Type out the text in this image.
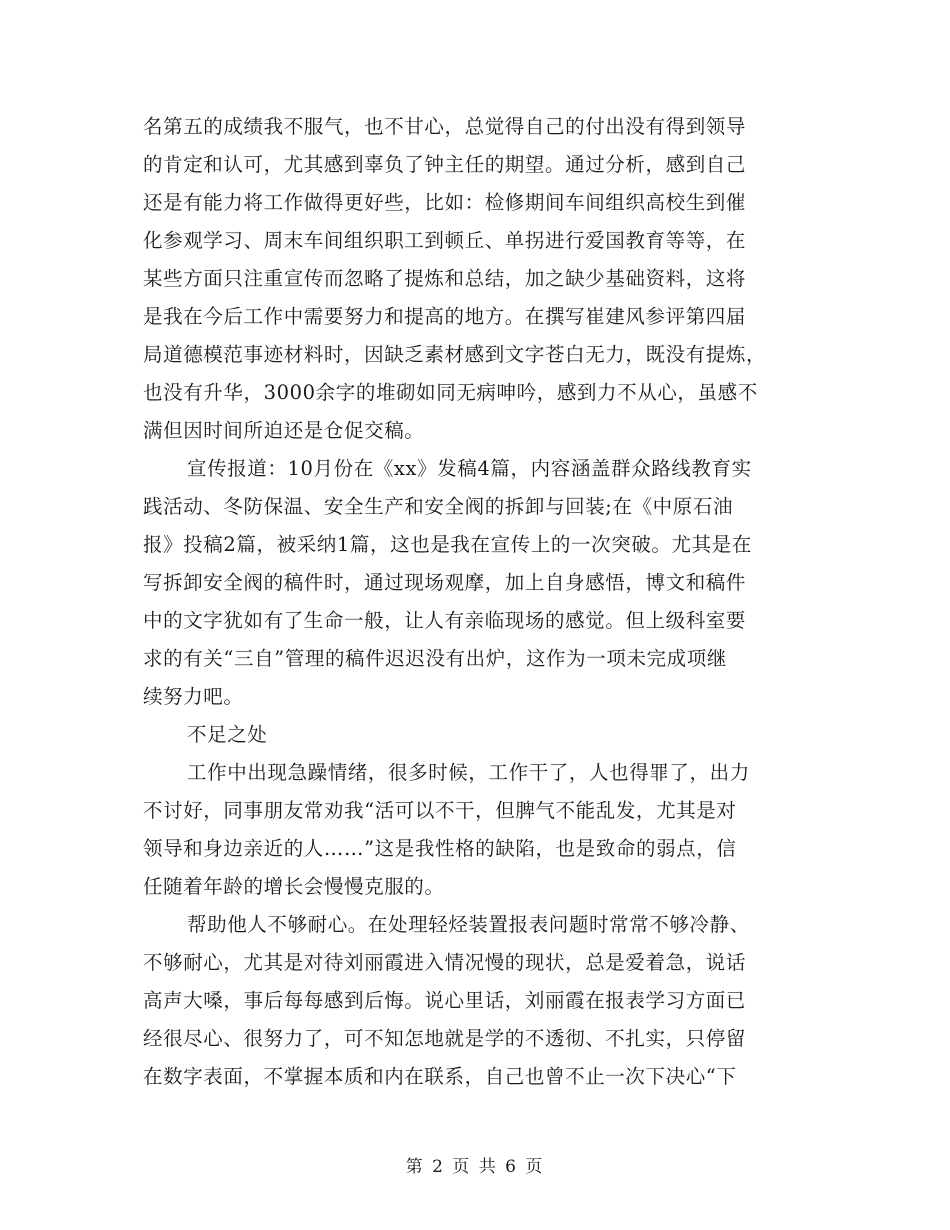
名第五的成绩我不服气，也不甘心，总觉得自己的付出没有得到领导
的肯定和认可，尤其感到辜负了钟主任的期望。通过分析，感到自己
还是有能力将工作做得更好些，比如：检修期间车间组织高校生到催
化参观学习、周末车间组织职工到顿丘、单拐进行爱国教育等等，在
某些方面只注重宣传而忽略了提炼和总结，加之缺少基础资料，这将
是我在今后工作中需要努力和提高的地方。在撰写崔建风参评第四届
局道德模范事迹材料时，因缺乏素材感到文字苍白无力，既没有提炼，
也没有升华，3000余字的堆砌如同无病呻吟，感到力不从心，虽感不
满但因时间所迫还是仓促交稿。
宣传报道：10月份在《xx》发稿4篇，内容涵盖群众路线教育实
践活动、冬防保温、安全生产和安全阀的拆卸与回装;在《中原石油
报》投稿2篇，被采纳1篇，这也是我在宣传上的一次突破。尤其是在
写拆卸安全阀的稿件时，通过现场观摩，加上自身感悟，博文和稿件
中的文字犹如有了生命一般，让人有亲临现场的感觉。但上级科室要
求的有关“三自”管理的稿件迟迟没有出炉，这作为一项未完成项继
续努力吧。
不足之处
工作中出现急躁情绪，很多时候，工作干了，人也得罪了，出力
不讨好，同事朋友常劝我“活可以不干，但脾气不能乱发，尤其是对
领导和身边亲近的人……”这是我性格的缺陷，也是致命的弱点，信
任随着年龄的增长会慢慢克服的。
帮助他人不够耐心。在处理轻烃装置报表问题时常常不够冷静、
不够耐心，尤其是对待刘丽霞进入情况慢的现状，总是爱着急，说话
高声大嗓，事后每每感到后悔。说心里话，刘丽霞在报表学习方面已
经很尽心、很努力了，可不知怎地就是学的不透彻、不扎实，只停留
在数字表面，不掌握本质和内在联系，自己也曾不止一次下决心“下
第 2 页 共 6 页
